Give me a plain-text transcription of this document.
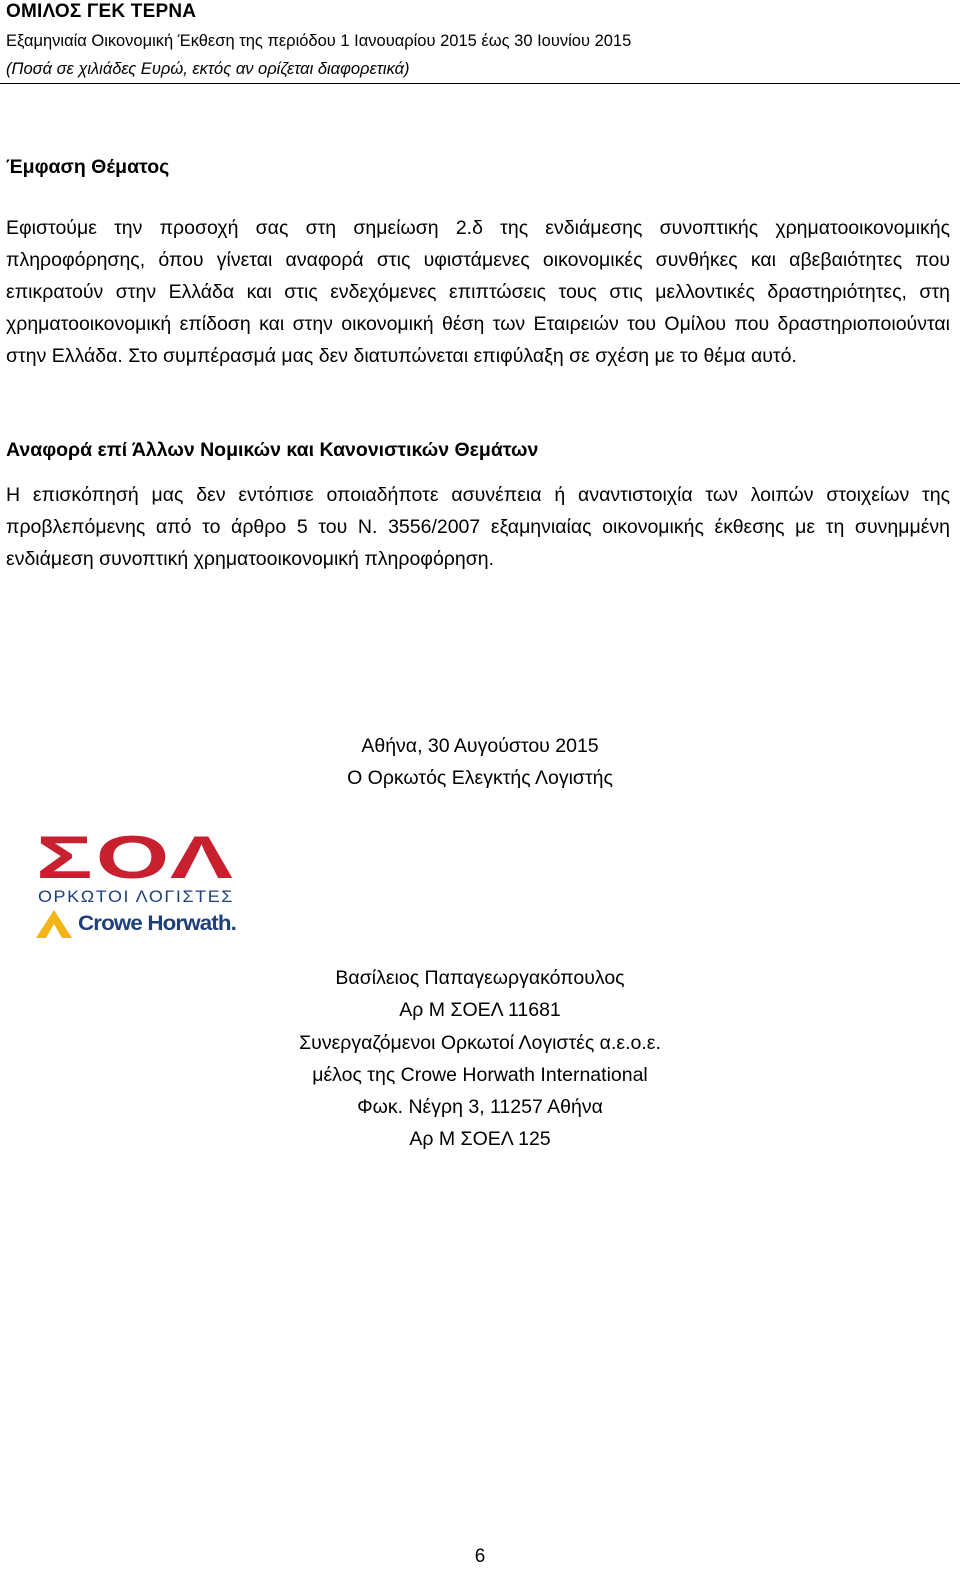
ΟΜΙΛΟΣ ΓΕΚ ΤΕΡΝΑ
Εξαμηνιαία Οικονομική Έκθεση της περιόδου 1 Ιανουαρίου 2015 έως 30 Ιουνίου 2015
(Ποσά σε χιλιάδες Ευρώ, εκτός αν ορίζεται διαφορετικά)
Έμφαση Θέματος

Εφιστούμε την προσοχή σας στη σημείωση 2.δ της ενδιάμεσης συνοπτικής χρηματοοικονομικής πληροφόρησης, όπου γίνεται αναφορά στις υφιστάμενες οικονομικές συνθήκες και αβεβαιότητες που επικρατούν στην Ελλάδα και στις ενδεχόμενες επιπτώσεις τους στις μελλοντικές δραστηριότητες, στη χρηματοοικονομική επίδοση και στην οικονομική θέση των Εταιρειών του Ομίλου που δραστηριοποιούνται στην Ελλάδα. Στο συμπέρασμά μας δεν διατυπώνεται επιφύλαξη σε σχέση με το θέμα αυτό.

Αναφορά επί Άλλων Νομικών και Κανονιστικών Θεμάτων

Η επισκόπησή μας δεν εντόπισε οποιαδήποτε ασυνέπεια ή αναντιστοιχία των λοιπών στοιχείων της προβλεπόμενης από το άρθρο 5 του Ν. 3556/2007 εξαμηνιαίας οικονομικής έκθεσης με τη συνημμένη ενδιάμεση συνοπτική χρηματοοικονομική πληροφόρηση.

Αθήνα, 30 Αυγούστου 2015
Ο Ορκωτός Ελεγκτής Λογιστής
ΣΟΛ
ΟΡΚΩΤΟΙ ΛΟΓΙΣΤΕΣ
Crowe Horwath.
Βασίλειος Παπαγεωργακόπουλος
Αρ Μ ΣΟΕΛ 11681
Συνεργαζόμενοι Ορκωτοί Λογιστές α.ε.ο.ε.
μέλος της Crowe Horwath International
Φωκ. Νέγρη 3, 11257 Αθήνα
Αρ Μ ΣΟΕΛ 125
6
